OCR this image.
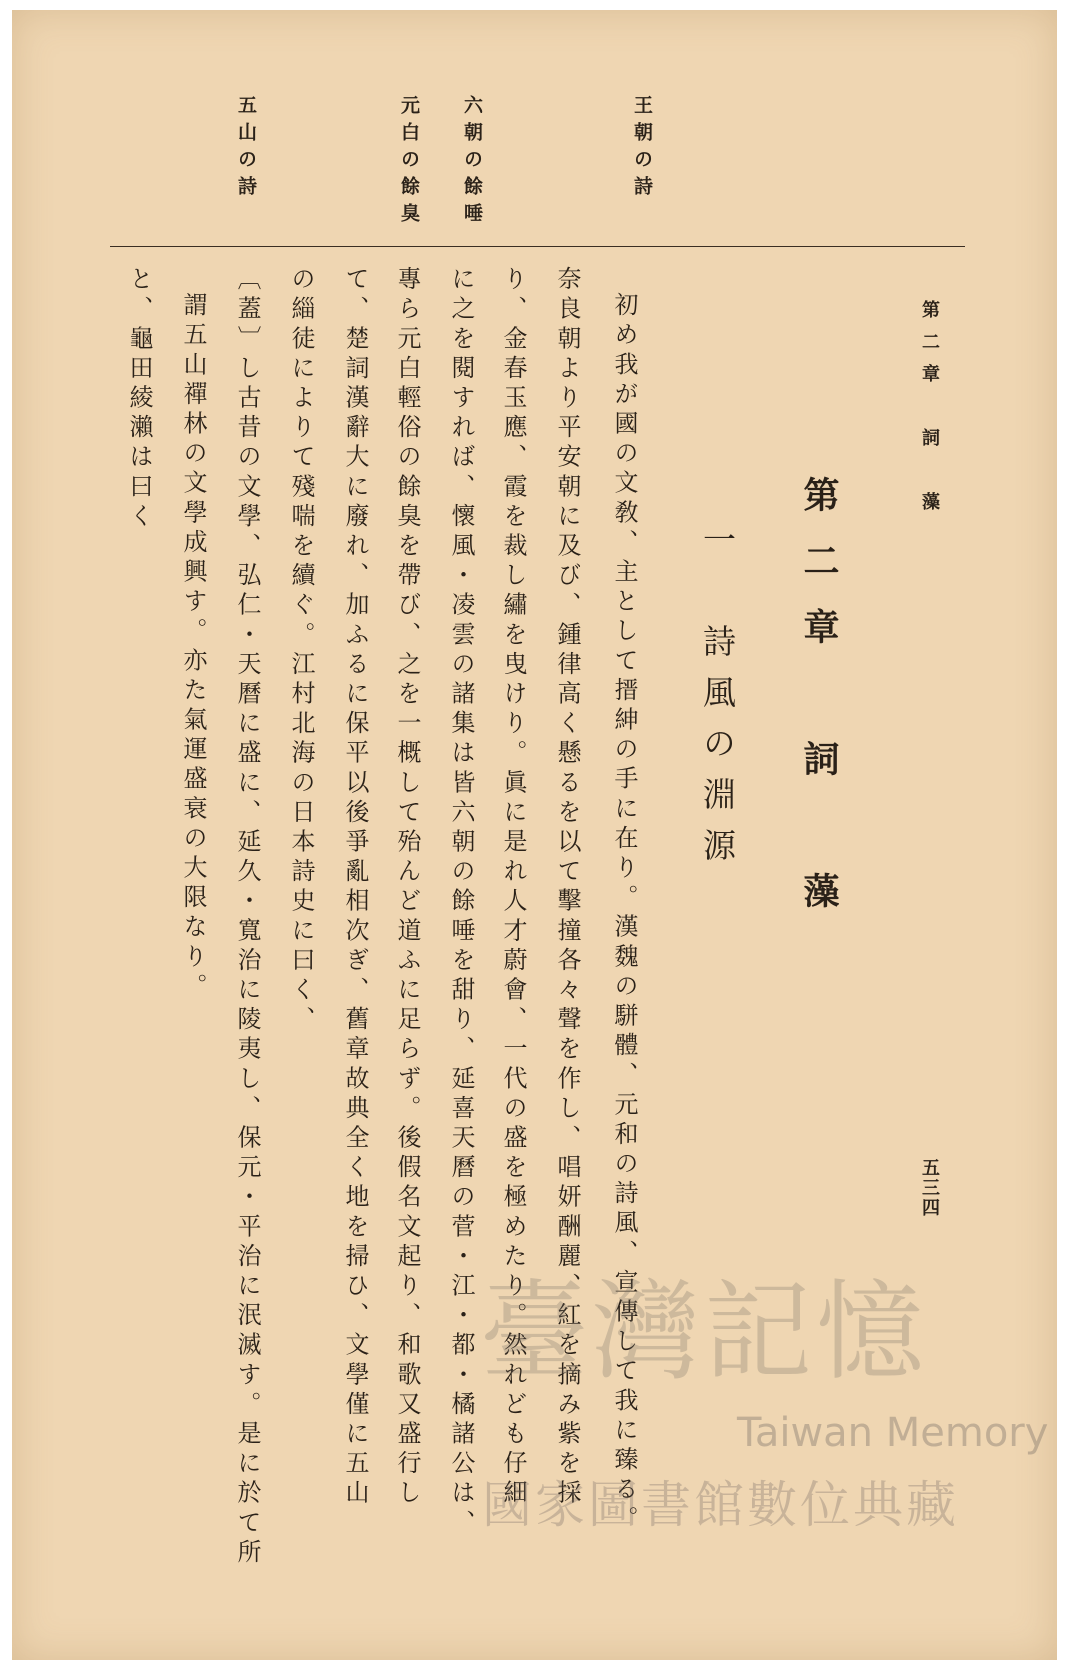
王朝の詩
六朝の餘唾
元白の餘臭
五山の詩
第二章　詞　藻
五三四
第二章　詞　藻
一　詩風の淵源
初め我が國の文敎、主として搢紳の手に在り。漢魏の駢體、元和の詩風、宣傳して我に臻る。
奈良朝より平安朝に及び、鍾律高く懸るを以て擊撞各々聲を作し、唱妍酬麗、紅を摘み紫を採
り、金春玉應、霞を裁し繡を曳けり。眞に是れ人才蔚會、一代の盛を極めたり。然れども仔細
に之を閱すれば、懷風・凌雲の諸集は皆六朝の餘唾を甜り、延喜天曆の菅・江・都・橘諸公は、
專ら元白輕俗の餘臭を帶び、之を一概して殆んど道ふに足らず。後假名文起り、和歌又盛行し
て、楚詞漢辭大に廢れ、加ふるに保平以後爭亂相次ぎ、舊章故典全く地を掃ひ、文學僅に五山
の緇徒によりて殘喘を續ぐ。江村北海の日本詩史に曰く、
〔蓋〕し古昔の文學、弘仁・天曆に盛に、延久・寬治に陵夷し、保元・平治に泯滅す。是に於て所
謂五山禪林の文學成興す。亦た氣運盛衰の大限なり。
と、龜田綾瀨は曰く
臺灣記憶
Taiwan Memory
國家圖書館數位典藏
